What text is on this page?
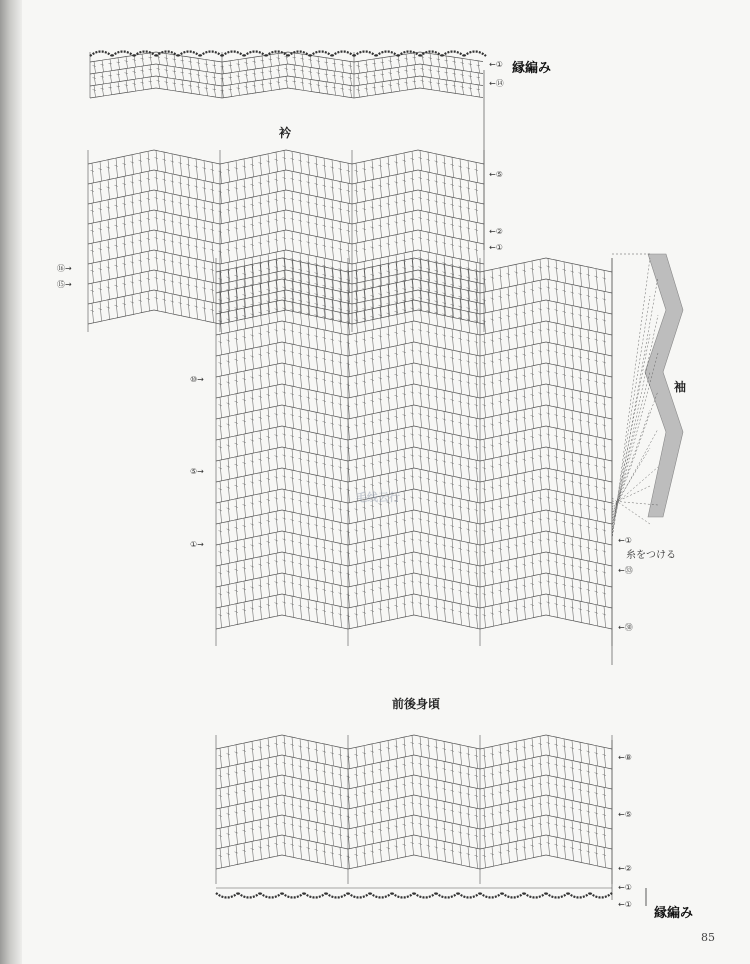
縁編み
衿
袖
前後身頃
糸をつける
縁編み
←①
←⑭
←⑤
←②
←①
⑯→
⑮→
⑩→
⑤→
①→	←①
←㉝
←㉚
←⑧
←⑤
←②
←①
←①
毛线云行
85
